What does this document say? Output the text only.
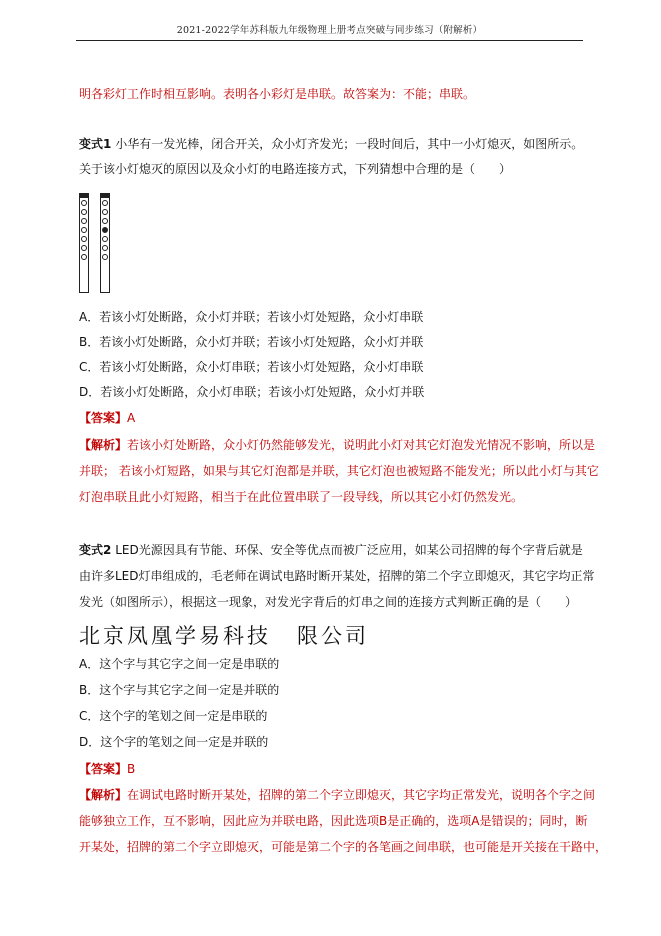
2021-2022学年苏科版九年级物理上册考点突破与同步练习（附解析）
明各彩灯工作时相互影响。表明各小彩灯是串联。故答案为：不能；串联。
变式1 小华有一发光棒，闭合开关，众小灯齐发光；一段时间后，其中一小灯熄灭，如图所示。
关于该小灯熄灭的原因以及众小灯的电路连接方式，下列猜想中合理的是（　　）
A．若该小灯处断路，众小灯并联；若该小灯处短路，众小灯串联
B．若该小灯处断路，众小灯并联；若该小灯处短路，众小灯并联
C．若该小灯处断路，众小灯串联；若该小灯处短路，众小灯串联
D．若该小灯处断路，众小灯串联；若该小灯处短路，众小灯并联
【答案】A
【解析】若该小灯处断路，众小灯仍然能够发光，说明此小灯对其它灯泡发光情况不影响，所以是
并联； 若该小灯短路，如果与其它灯泡都是并联，其它灯泡也被短路不能发光；所以此小灯与其它
灯泡串联且此小灯短路，相当于在此位置串联了一段导线，所以其它小灯仍然发光。
变式2 LED光源因具有节能、环保、安全等优点而被广泛应用，如某公司招牌的每个字背后就是
由许多LED灯串组成的，毛老师在调试电路时断开某处，招牌的第二个字立即熄灭，其它字均正常
发光（如图所示），根据这一现象，对发光字背后的灯串之间的连接方式判断正确的是（　　）
北京凤凰学易科技 限公司
A．这个字与其它字之间一定是串联的
B．这个字与其它字之间一定是并联的
C．这个字的笔划之间一定是串联的
D．这个字的笔划之间一定是并联的
【答案】B
【解析】在调试电路时断开某处，招牌的第二个字立即熄灭，其它字均正常发光，说明各个字之间
能够独立工作，互不影响，因此应为并联电路，因此选项B是正确的，选项A是错误的；同时，断
开某处，招牌的第二个字立即熄灭，可能是第二个字的各笔画之间串联，也可能是开关接在干路中，
